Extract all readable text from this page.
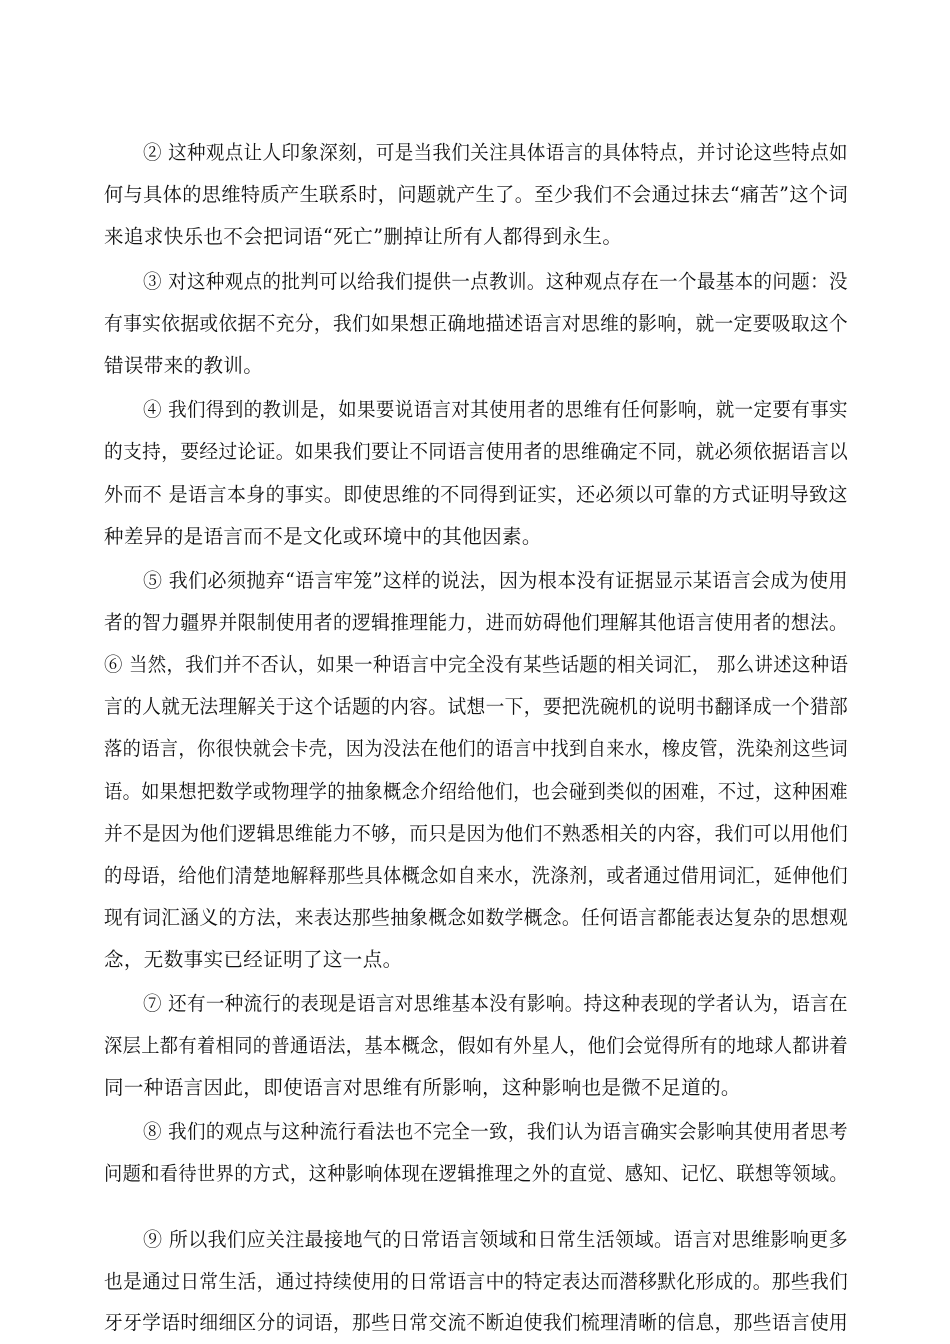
② 这种观点让人印象深刻，可是当我们关注具体语言的具体特点，并讨论这些特点如
何与具体的思维特质产生联系时，问题就产生了。至少我们不会通过抹去“痛苦”这个词
来追求快乐也不会把词语“死亡”删掉让所有人都得到永生。
③ 对这种观点的批判可以给我们提供一点教训。这种观点存在一个最基本的问题：没
有事实依据或依据不充分，我们如果想正确地描述语言对思维的影响，就一定要吸取这个
错误带来的教训。
④ 我们得到的教训是，如果要说语言对其使用者的思维有任何影响，就一定要有事实
的支持，要经过论证。如果我们要让不同语言使用者的思维确定不同，就必须依据语言以
外而不 是语言本身的事实。即使思维的不同得到证实，还必须以可靠的方式证明导致这
种差异的是语言而不是文化或环境中的其他因素。
⑤ 我们必须抛弃“语言牢笼”这样的说法，因为根本没有证据显示某语言会成为使用
者的智力疆界并限制使用者的逻辑推理能力，进而妨碍他们理解其他语言使用者的想法。
⑥ 当然，我们并不否认，如果一种语言中完全没有某些话题的相关词汇， 那么讲述这种语
言的人就无法理解关于这个话题的内容。试想一下，要把洗碗机的说明书翻译成一个猎部
落的语言，你很快就会卡壳，因为没法在他们的语言中找到自来水，橡皮管，洗染剂这些词
语。如果想把数学或物理学的抽象概念介绍给他们，也会碰到类似的困难，不过，这种困难
并不是因为他们逻辑思维能力不够，而只是因为他们不熟悉相关的内容，我们可以用他们
的母语，给他们清楚地解释那些具体概念如自来水，洗涤剂，或者通过借用词汇，延伸他们
现有词汇涵义的方法，来表达那些抽象概念如数学概念。任何语言都能表达复杂的思想观
念，无数事实已经证明了这一点。
⑦ 还有一种流行的表现是语言对思维基本没有影响。持这种表现的学者认为，语言在
深层上都有着相同的普通语法，基本概念，假如有外星人，他们会觉得所有的地球人都讲着
同一种语言因此，即使语言对思维有所影响，这种影响也是微不足道的。
⑧ 我们的观点与这种流行看法也不完全一致，我们认为语言确实会影响其使用者思考
问题和看待世界的方式，这种影响体现在逻辑推理之外的直觉、感知、记忆、联想等领域。
⑨ 所以我们应关注最接地气的日常语言领域和日常生活领域。语言对思维影响更多
也是通过日常生活，通过持续使用的日常语言中的特定表达而潜移默化形成的。那些我们
牙牙学语时细细区分的词语，那些日常交流不断迫使我们梳理清晰的信息，那些语言使用
